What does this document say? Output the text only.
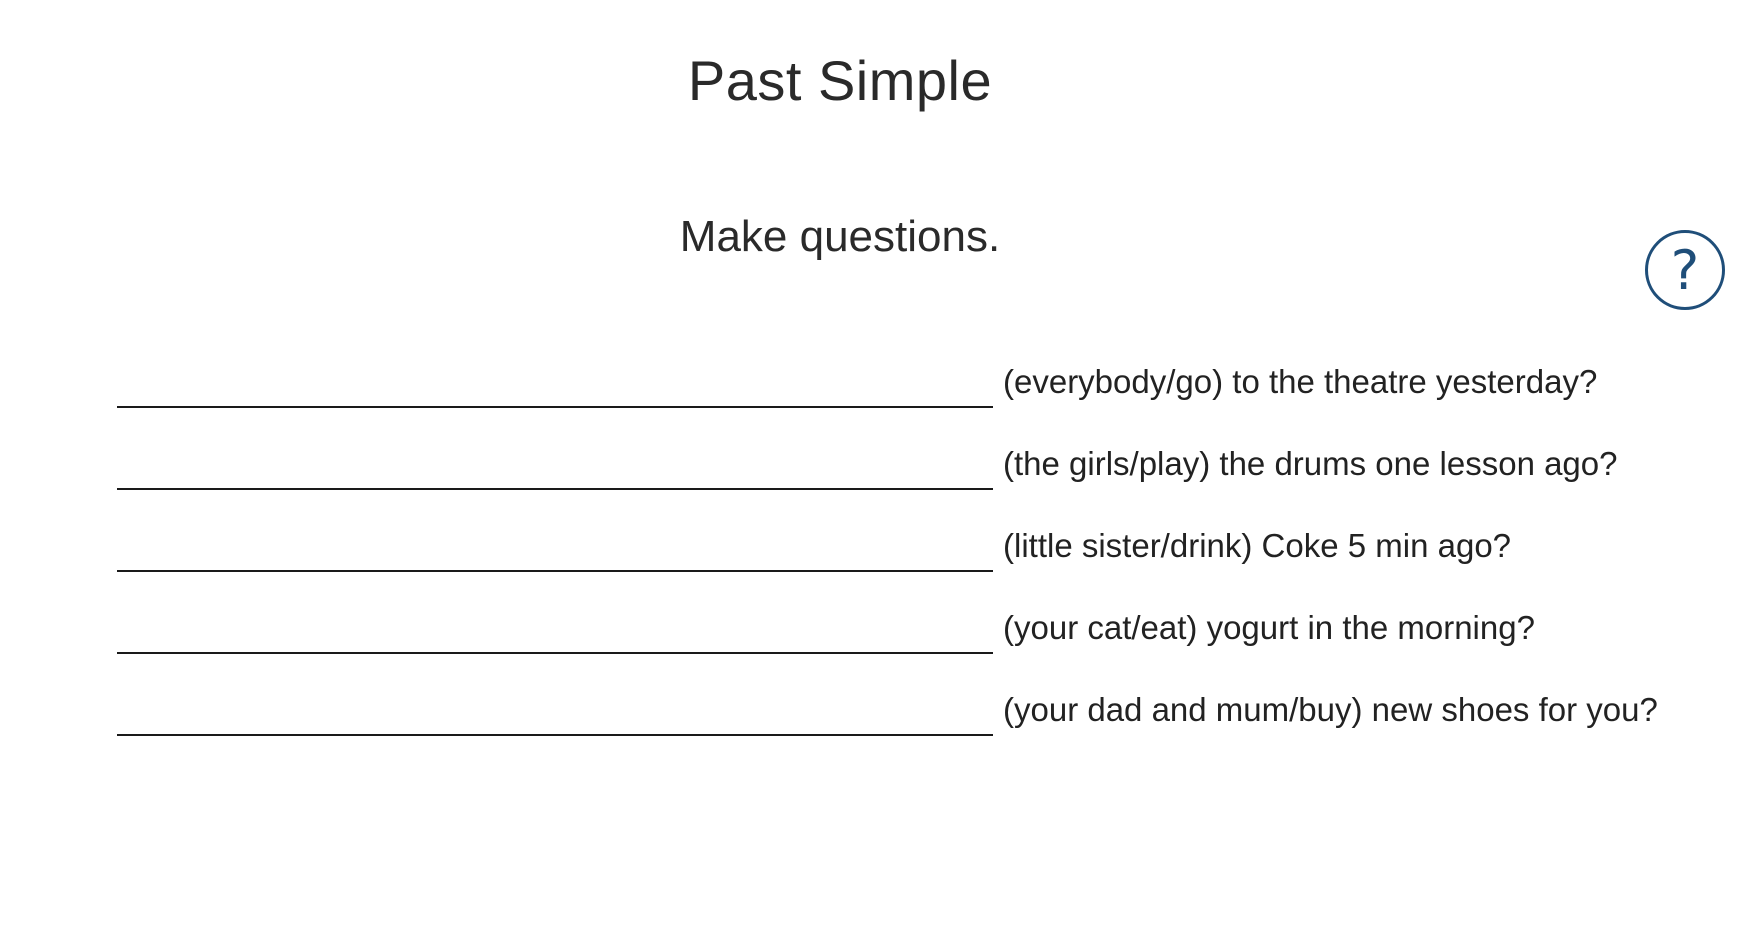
Past Simple
Make questions.
?
(everybody/go) to the theatre yesterday?
(the girls/play) the drums one lesson ago?
(little sister/drink) Coke 5 min ago?
(your cat/eat) yogurt in the morning?
(your dad and mum/buy) new shoes for you?
